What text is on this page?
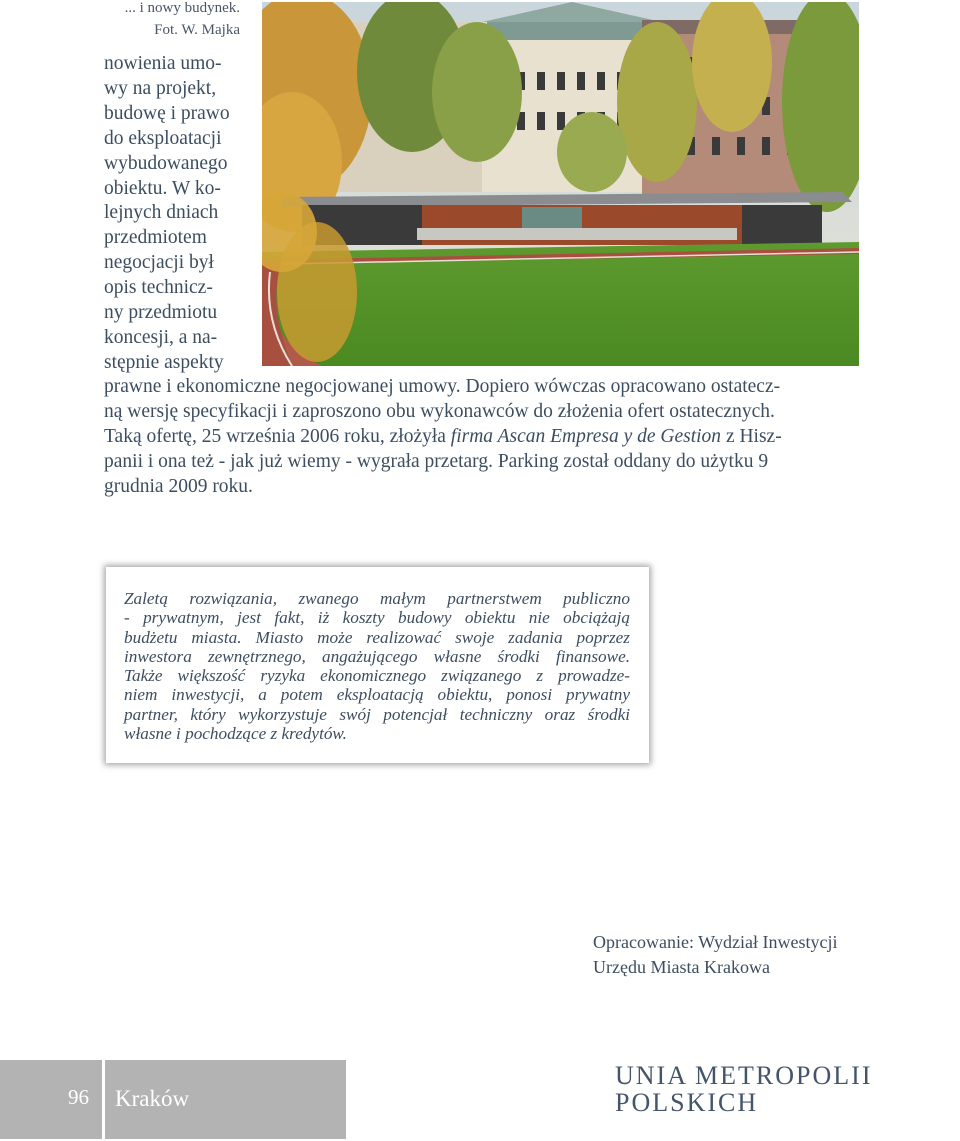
... i nowy budynek.
Fot. W. Majka
nowienia umo-
wy na projekt,
budowę i prawo
do eksploatacji
wybudowanego
obiektu. W ko-
lejnych dniach
przedmiotem
negocjacji był
opis technicz-
ny przedmiotu
koncesji, a na-
stępnie aspekty
prawne i ekonomiczne negocjowanej umowy. Dopiero wówczas opracowano ostatecz-
ną wersję specyfikacji i zaproszono obu wykonawców do złożenia ofert ostatecznych.
Taką ofertę, 25 września 2006 roku, złożyła firma Ascan Empresa y de Gestion z Hisz-
panii i ona też - jak już wiemy - wygrała przetarg. Parking został oddany do użytku 9
grudnia 2009 roku.
Zaletą rozwiązania, zwanego małym partnerstwem publiczno
- prywatnym, jest fakt, iż koszty budowy obiektu nie obciążają
budżetu miasta. Miasto może realizować swoje zadania poprzez
inwestora zewnętrznego, angażującego własne środki finansowe.
Także większość ryzyka ekonomicznego związanego z prowadze-
niem inwestycji, a potem eksploatacją obiektu, ponosi prywatny
partner, który wykorzystuje swój potencjał techniczny oraz środki
własne i pochodzące z kredytów.
Opracowanie: Wydział Inwestycji
Urzędu Miasta Krakowa
96 Kraków
UNIA METROPOLII
POLSKICH
